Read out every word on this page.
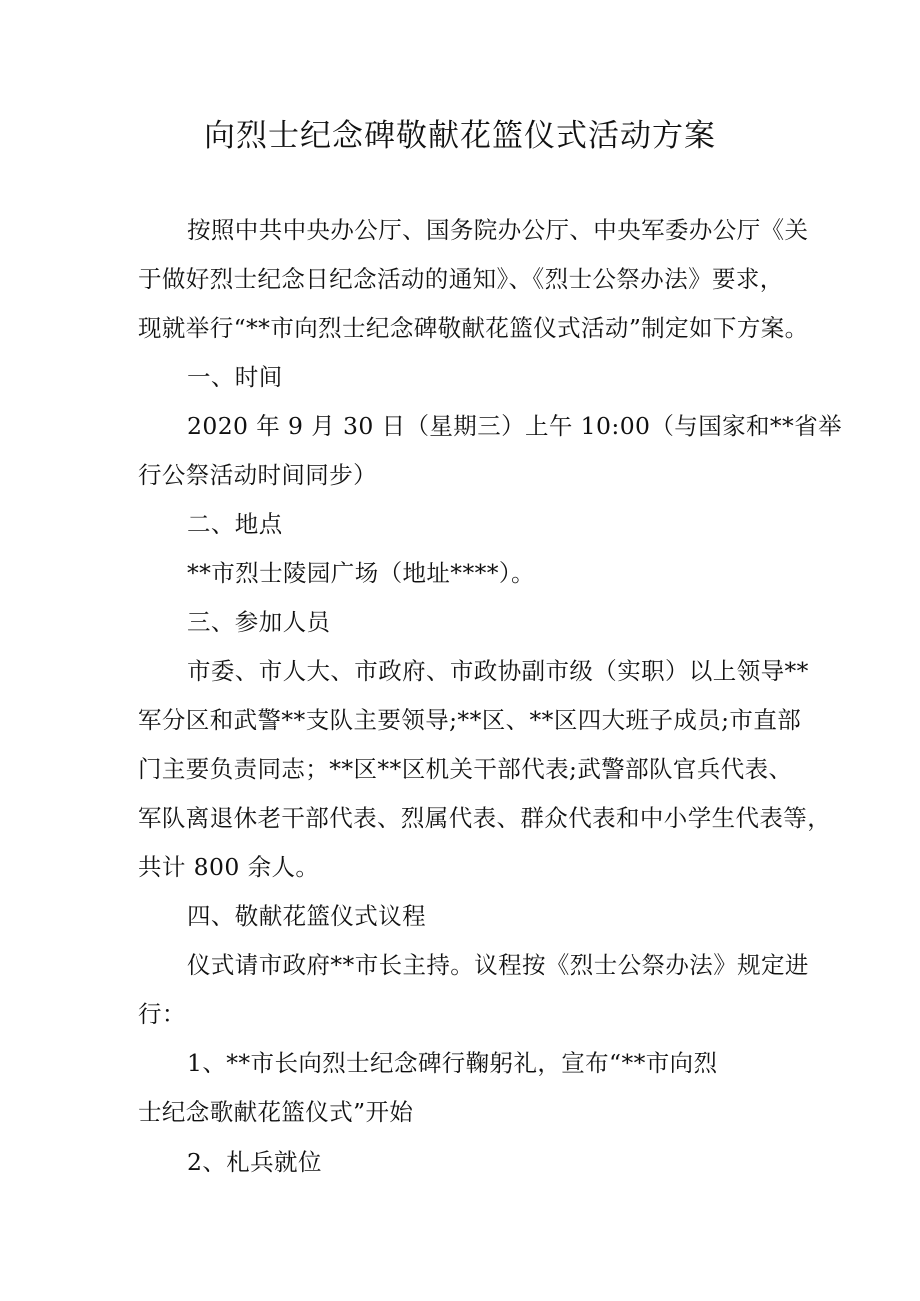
向烈士纪念碑敬献花篮仪式活动方案

按照中共中央办公厅、国务院办公厅、中央军委办公厅《关

于做好烈士纪念日纪念活动的通知》、《烈士公祭办法》要求，

现就举行“**市向烈士纪念碑敬献花篮仪式活动”制定如下方案。

一、时间

2020 年 9 月 30 日（星期三）上午 10:00（与国家和**省举

行公祭活动时间同步）

二、地点

**市烈士陵园广场（地址****）。

三、参加人员

市委、市人大、市政府、市政协副市级（实职）以上领导**

军分区和武警**支队主要领导;**区、**区四大班子成员;市直部

门主要负责同志；**区**区机关干部代表;武警部队官兵代表、

军队离退休老干部代表、烈属代表、群众代表和中小学生代表等，

共计 800 余人。

四、敬献花篮仪式议程

仪式请市政府**市长主持。议程按《烈士公祭办法》规定进

行：

1、**市长向烈士纪念碑行鞠躬礼，宣布“**市向烈

士纪念歌献花篮仪式”开始

2、札兵就位
